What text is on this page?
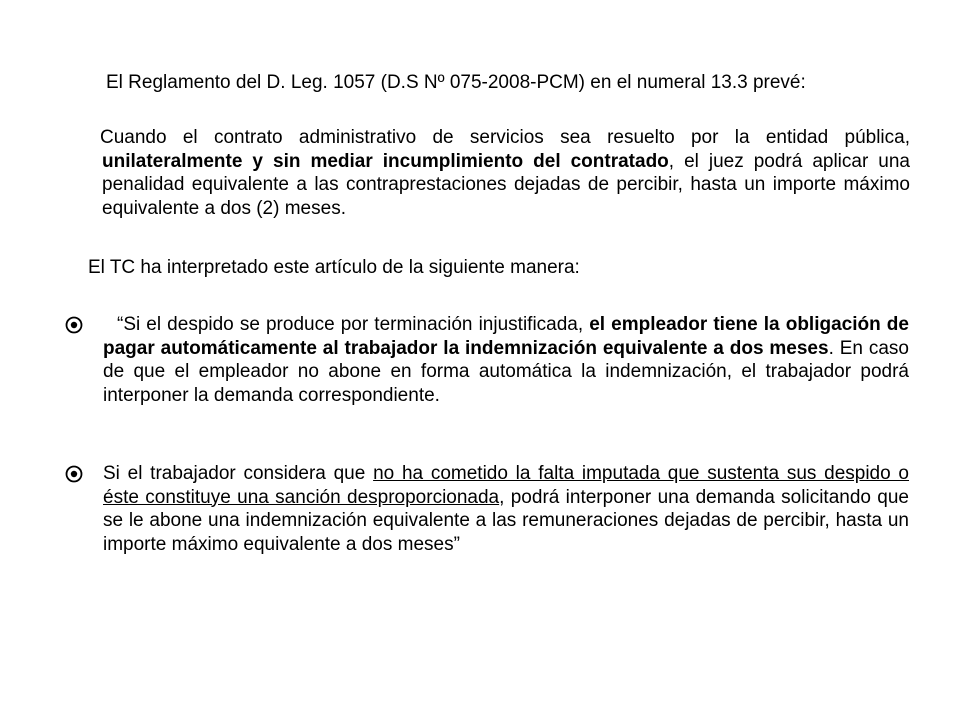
El Reglamento del D. Leg. 1057 (D.S Nº 075-2008-PCM) en el numeral 13.3 prevé:
Cuando el contrato administrativo de servicios sea resuelto por la entidad pública, unilateralmente y sin mediar incumplimiento del contratado, el juez podrá aplicar una penalidad equivalente a las contraprestaciones dejadas de percibir, hasta un importe máximo equivalente a dos (2) meses.
El TC ha interpretado este artículo de la siguiente manera:
“Si el despido se produce por terminación injustificada, el empleador tiene la obligación de pagar automáticamente al trabajador la indemnización equivalente a dos meses. En caso de que el empleador no abone en forma automática la indemnización, el trabajador podrá interponer la demanda correspondiente.
Si el trabajador considera que no ha cometido la falta imputada que sustenta sus despido o éste constituye una sanción desproporcionada, podrá interponer una demanda solicitando que se le abone una indemnización equivalente a las remuneraciones dejadas de percibir, hasta un importe máximo equivalente a dos meses”
